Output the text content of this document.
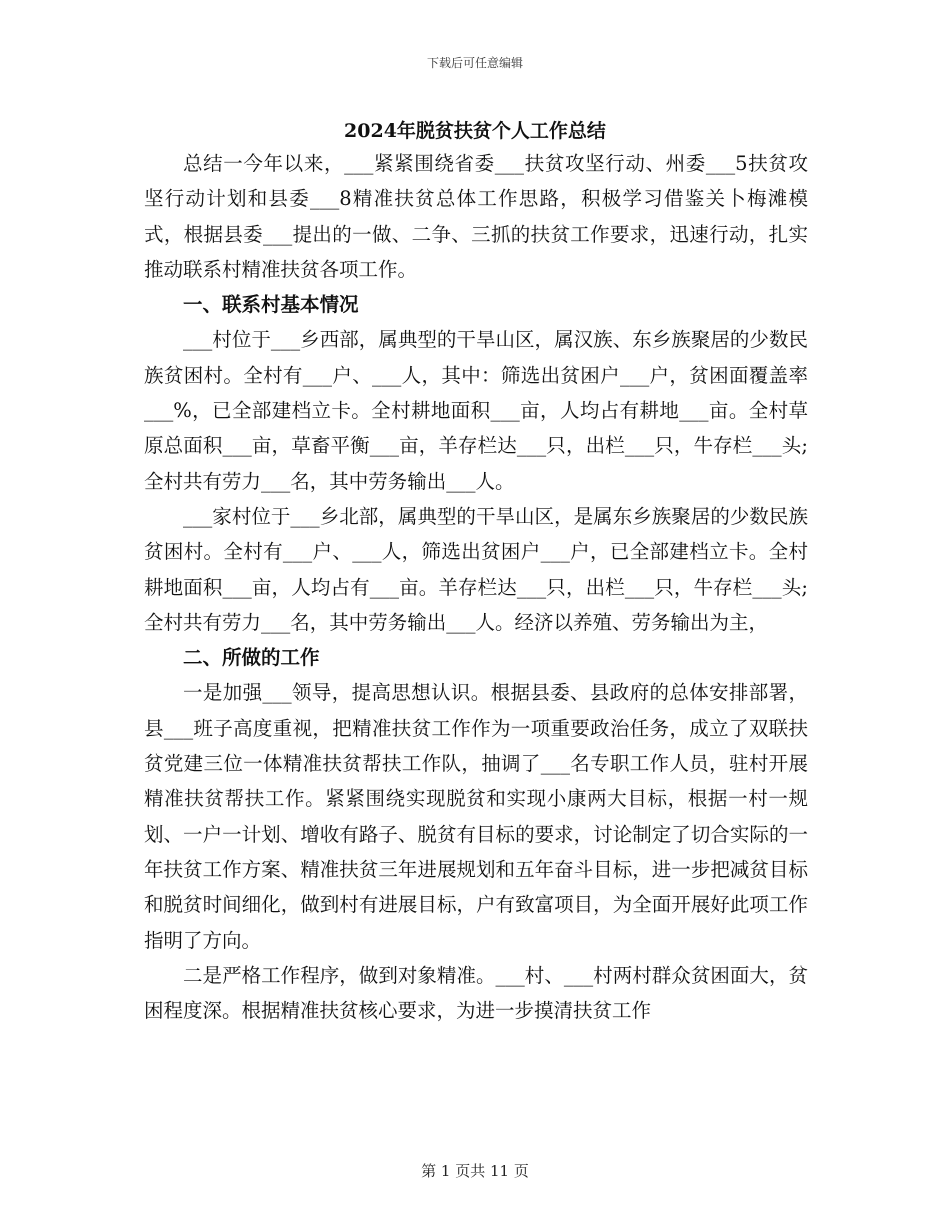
下载后可任意编辑
2024年脱贫扶贫个人工作总结

总结一今年以来，___紧紧围绕省委___扶贫攻坚行动、州委___5扶贫攻坚行动计划和县委___8精准扶贫总体工作思路，积极学习借鉴关卜梅滩模式，根据县委___提出的一做、二争、三抓的扶贫工作要求，迅速行动，扎实推动联系村精准扶贫各项工作。

一、联系村基本情况

___村位于___乡西部，属典型的干旱山区，属汉族、东乡族聚居的少数民族贫困村。全村有___户、___人，其中：筛选出贫困户___户，贫困面覆盖率___%，已全部建档立卡。全村耕地面积___亩，人均占有耕地___亩。全村草原总面积___亩，草畜平衡___亩，羊存栏达___只，出栏___只，牛存栏___头;全村共有劳力___名，其中劳务输出___人。

___家村位于___乡北部，属典型的干旱山区，是属东乡族聚居的少数民族贫困村。全村有___户、___人，筛选出贫困户___户，已全部建档立卡。全村耕地面积___亩，人均占有___亩。羊存栏达___只，出栏___只，牛存栏___头;全村共有劳力___名，其中劳务输出___人。经济以养殖、劳务输出为主，

二、所做的工作

一是加强___领导，提高思想认识。根据县委、县政府的总体安排部署，县___班子高度重视，把精准扶贫工作作为一项重要政治任务，成立了双联扶贫党建三位一体精准扶贫帮扶工作队，抽调了___名专职工作人员，驻村开展精准扶贫帮扶工作。紧紧围绕实现脱贫和实现小康两大目标，根据一村一规划、一户一计划、增收有路子、脱贫有目标的要求，讨论制定了切合实际的一年扶贫工作方案、精准扶贫三年进展规划和五年奋斗目标，进一步把减贫目标和脱贫时间细化，做到村有进展目标，户有致富项目，为全面开展好此项工作指明了方向。

二是严格工作程序，做到对象精准。___村、___村两村群众贫困面大，贫困程度深。根据精准扶贫核心要求，为进一步摸清扶贫工作

第 1 页共 11 页
